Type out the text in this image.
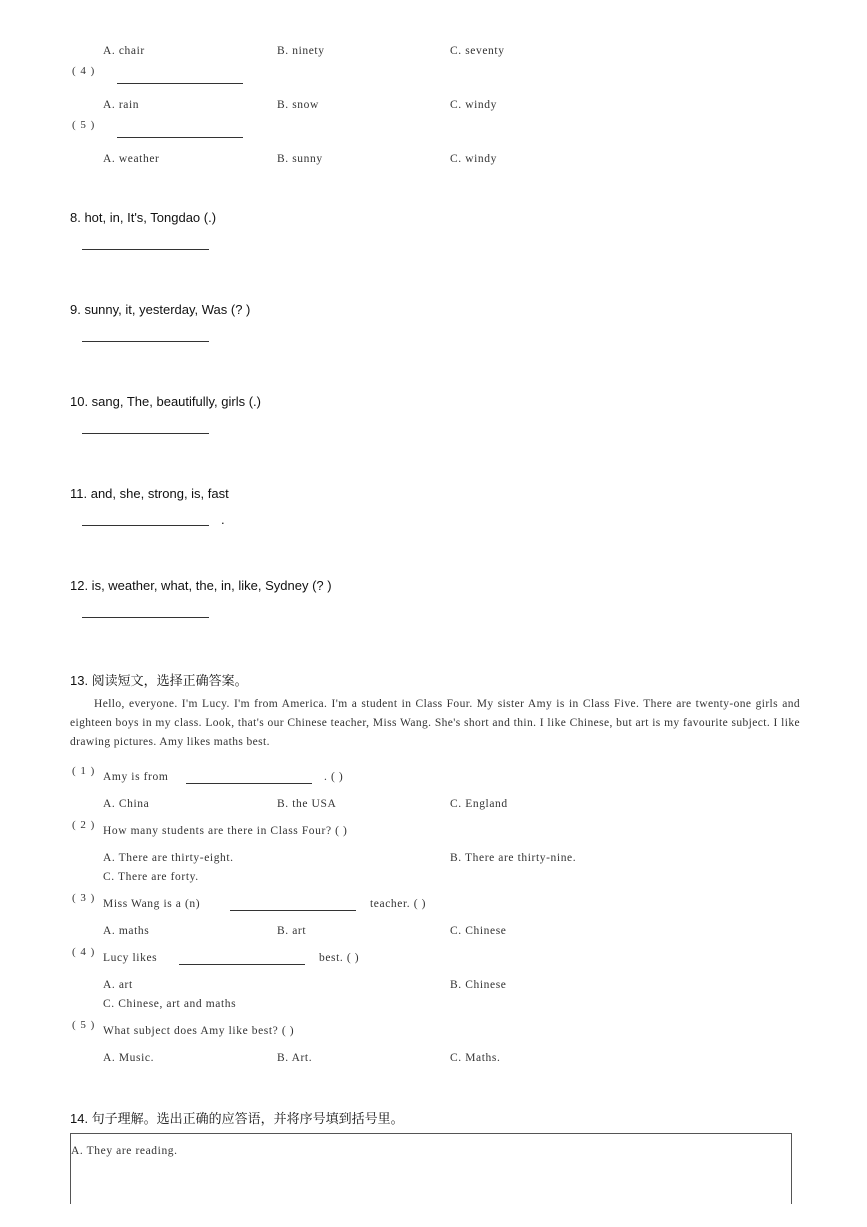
A. chair	B. ninety	C. seventy
( 4 )
A. rain	B. snow	C. windy
( 5 )
A. weather	B. sunny	C. windy
8. hot, in, It's, Tongdao (.)
9. sunny, it, yesterday, Was (? )
10. sang, The, beautifully, girls (.)
11. and, she, strong, is, fast
.
12. is, weather, what, the, in, like, Sydney (? )
13. 阅读短文，选择正确答案。
Hello, everyone. I'm Lucy. I'm from America. I'm a student in Class Four. My sister Amy is in Class Five. There are twenty-one girls and eighteen boys in my class. Look, that's our Chinese teacher, Miss Wang. She's short and thin. I like Chinese, but art is my favourite subject. I like drawing pictures. Amy likes maths best.
( 1 ) Amy is from	. ( )
A. China	B. the USA	C. England
( 2 ) How many students are there in Class Four? ( )
A. There are thirty-eight.	B. There are thirty-nine.
C. There are forty.
( 3 ) Miss Wang is a (n)	teacher. ( )
A. maths	B. art	C. Chinese
( 4 ) Lucy likes	best. ( )
A. art	B. Chinese
C. Chinese, art and maths
( 5 ) What subject does Amy like best? ( )
A. Music.	B. Art.	C. Maths.
14. 句子理解。选出正确的应答语，并将序号填到括号里。
A. They are reading.
